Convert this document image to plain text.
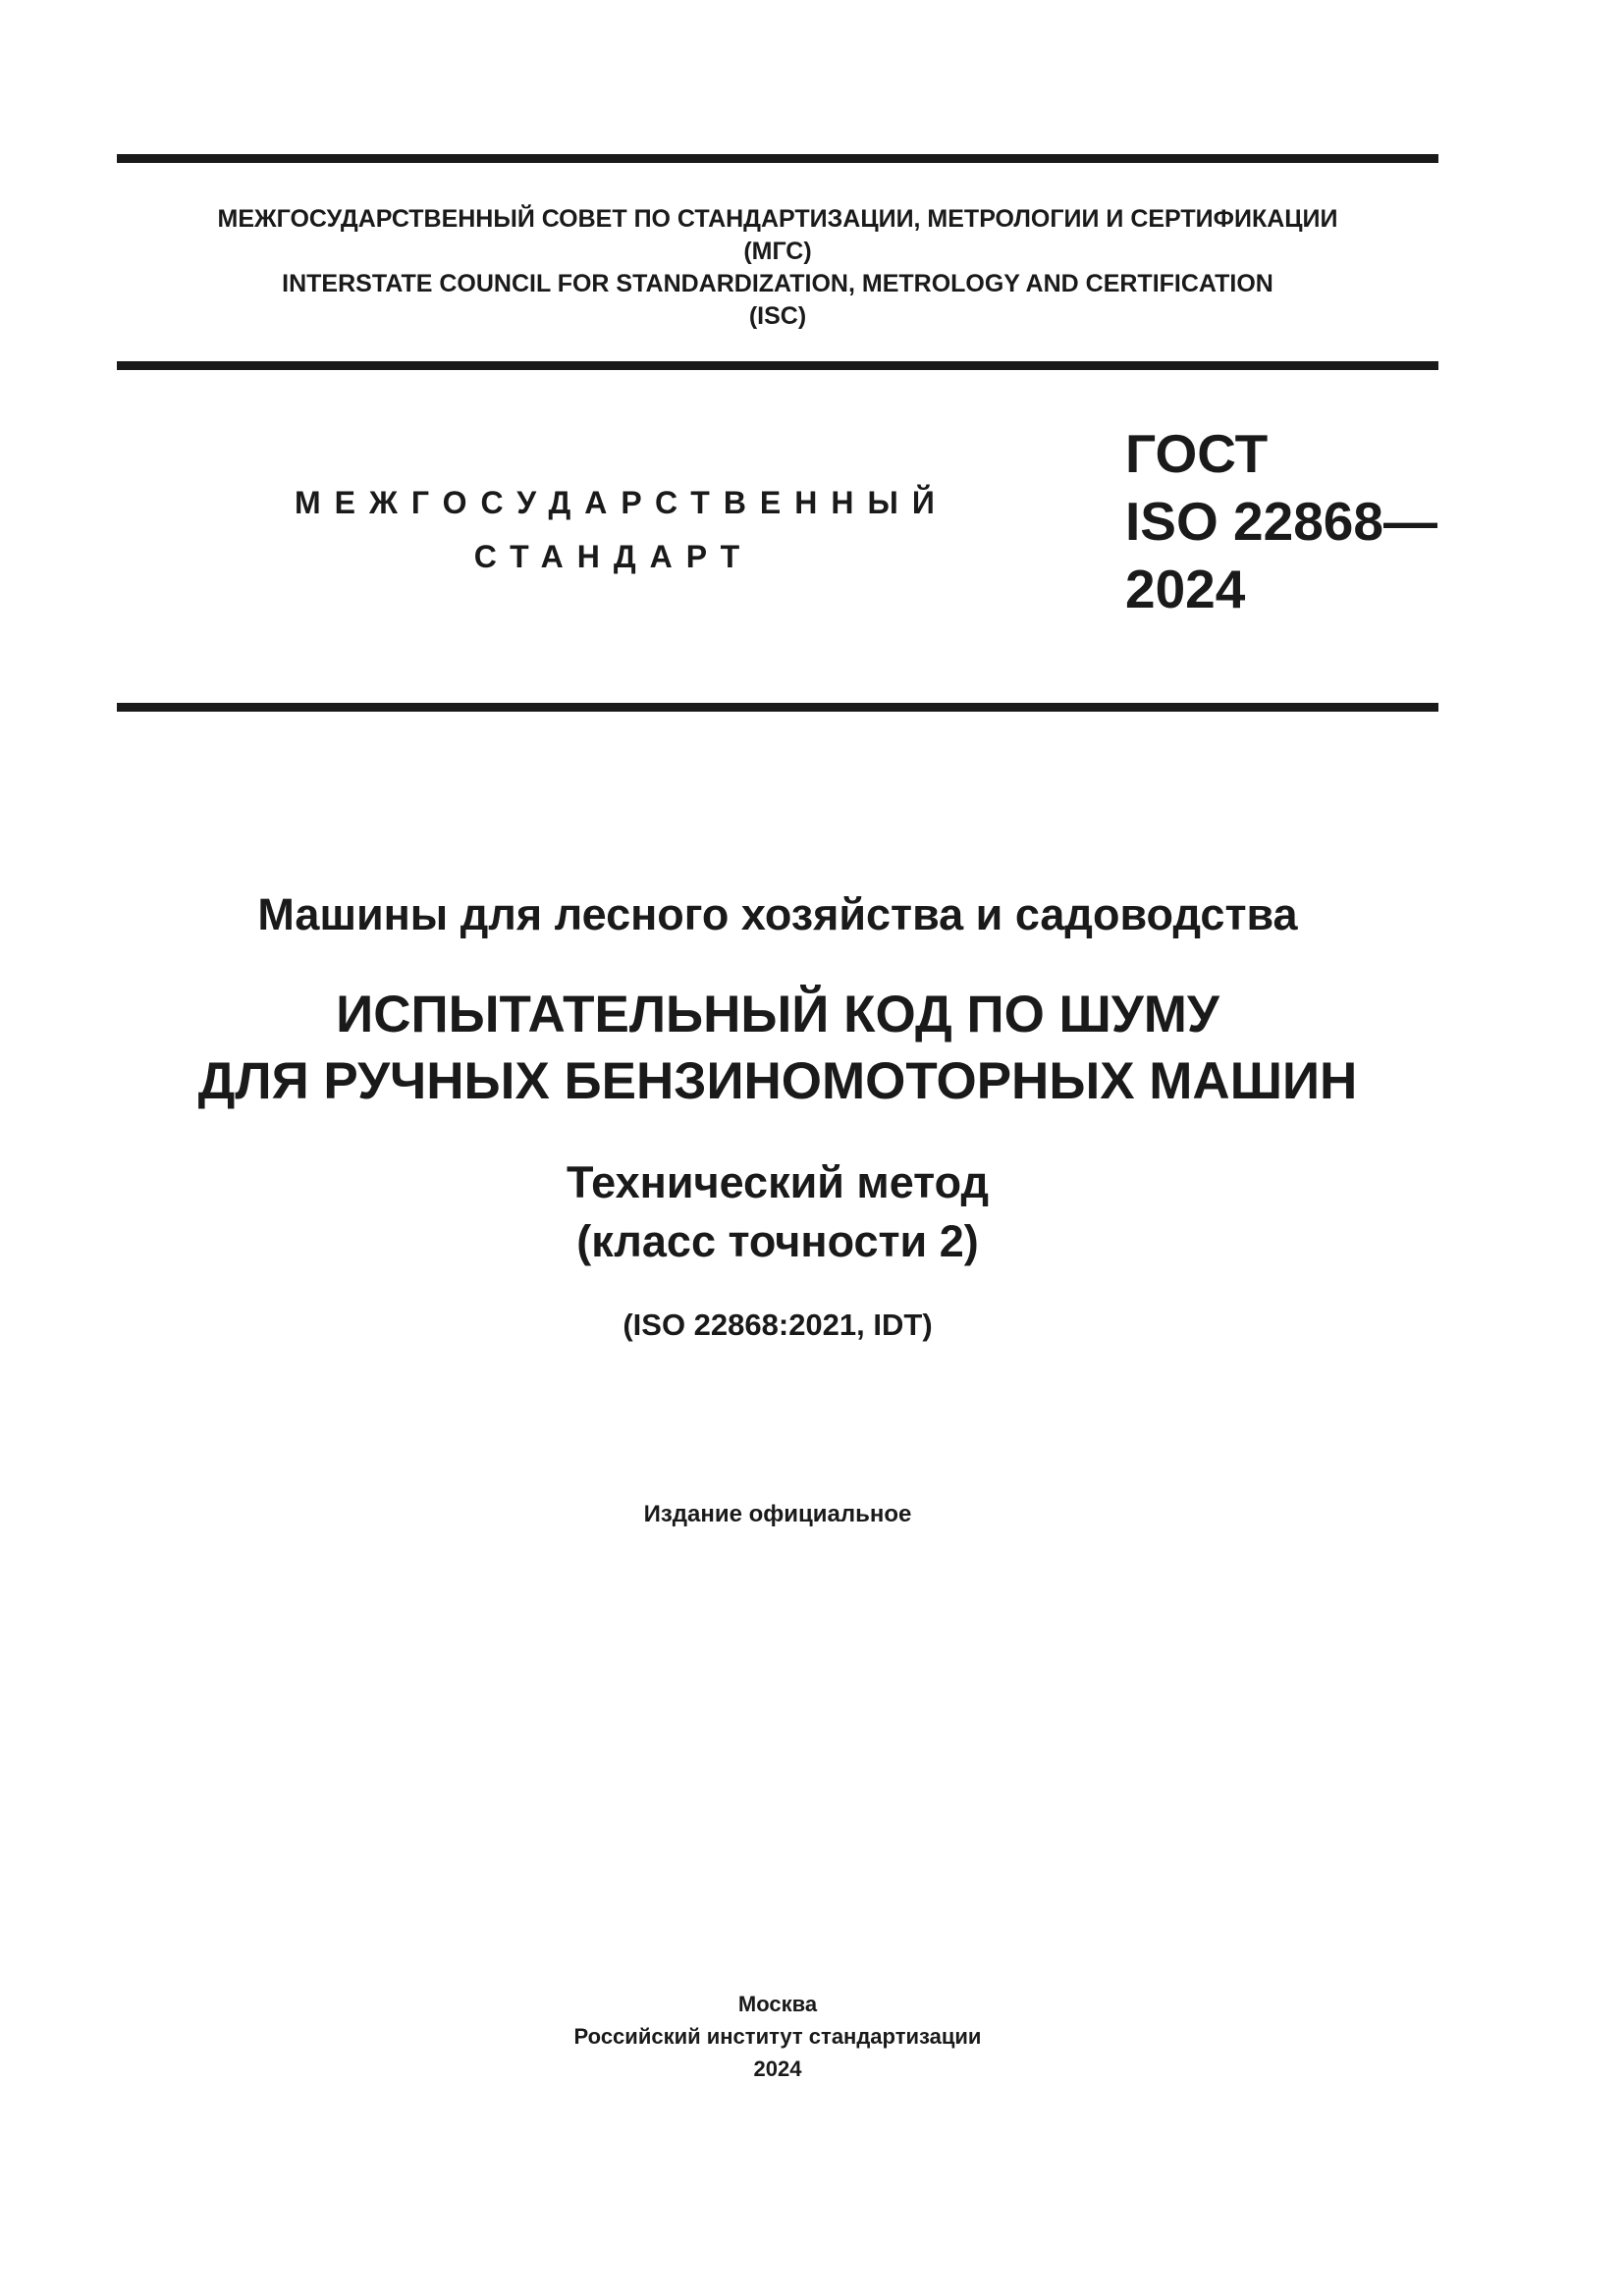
МЕЖГОСУДАРСТВЕННЫЙ СОВЕТ ПО СТАНДАРТИЗАЦИИ, МЕТРОЛОГИИ И СЕРТИФИКАЦИИ
(МГС)
INTERSTATE COUNCIL FOR STANDARDIZATION, METROLOGY AND CERTIFICATION
(ISC)
МЕЖГОСУДАРСТВЕННЫЙ
СТАНДАРТ
ГОСТ
ISO 22868—
2024
Машины для лесного хозяйства и садоводства
ИСПЫТАТЕЛЬНЫЙ КОД ПО ШУМУ
ДЛЯ РУЧНЫХ БЕНЗИНОМОТОРНЫХ МАШИН
Технический метод
(класс точности 2)
(ISO 22868:2021, IDT)
Издание официальное
Москва
Российский институт стандартизации
2024
